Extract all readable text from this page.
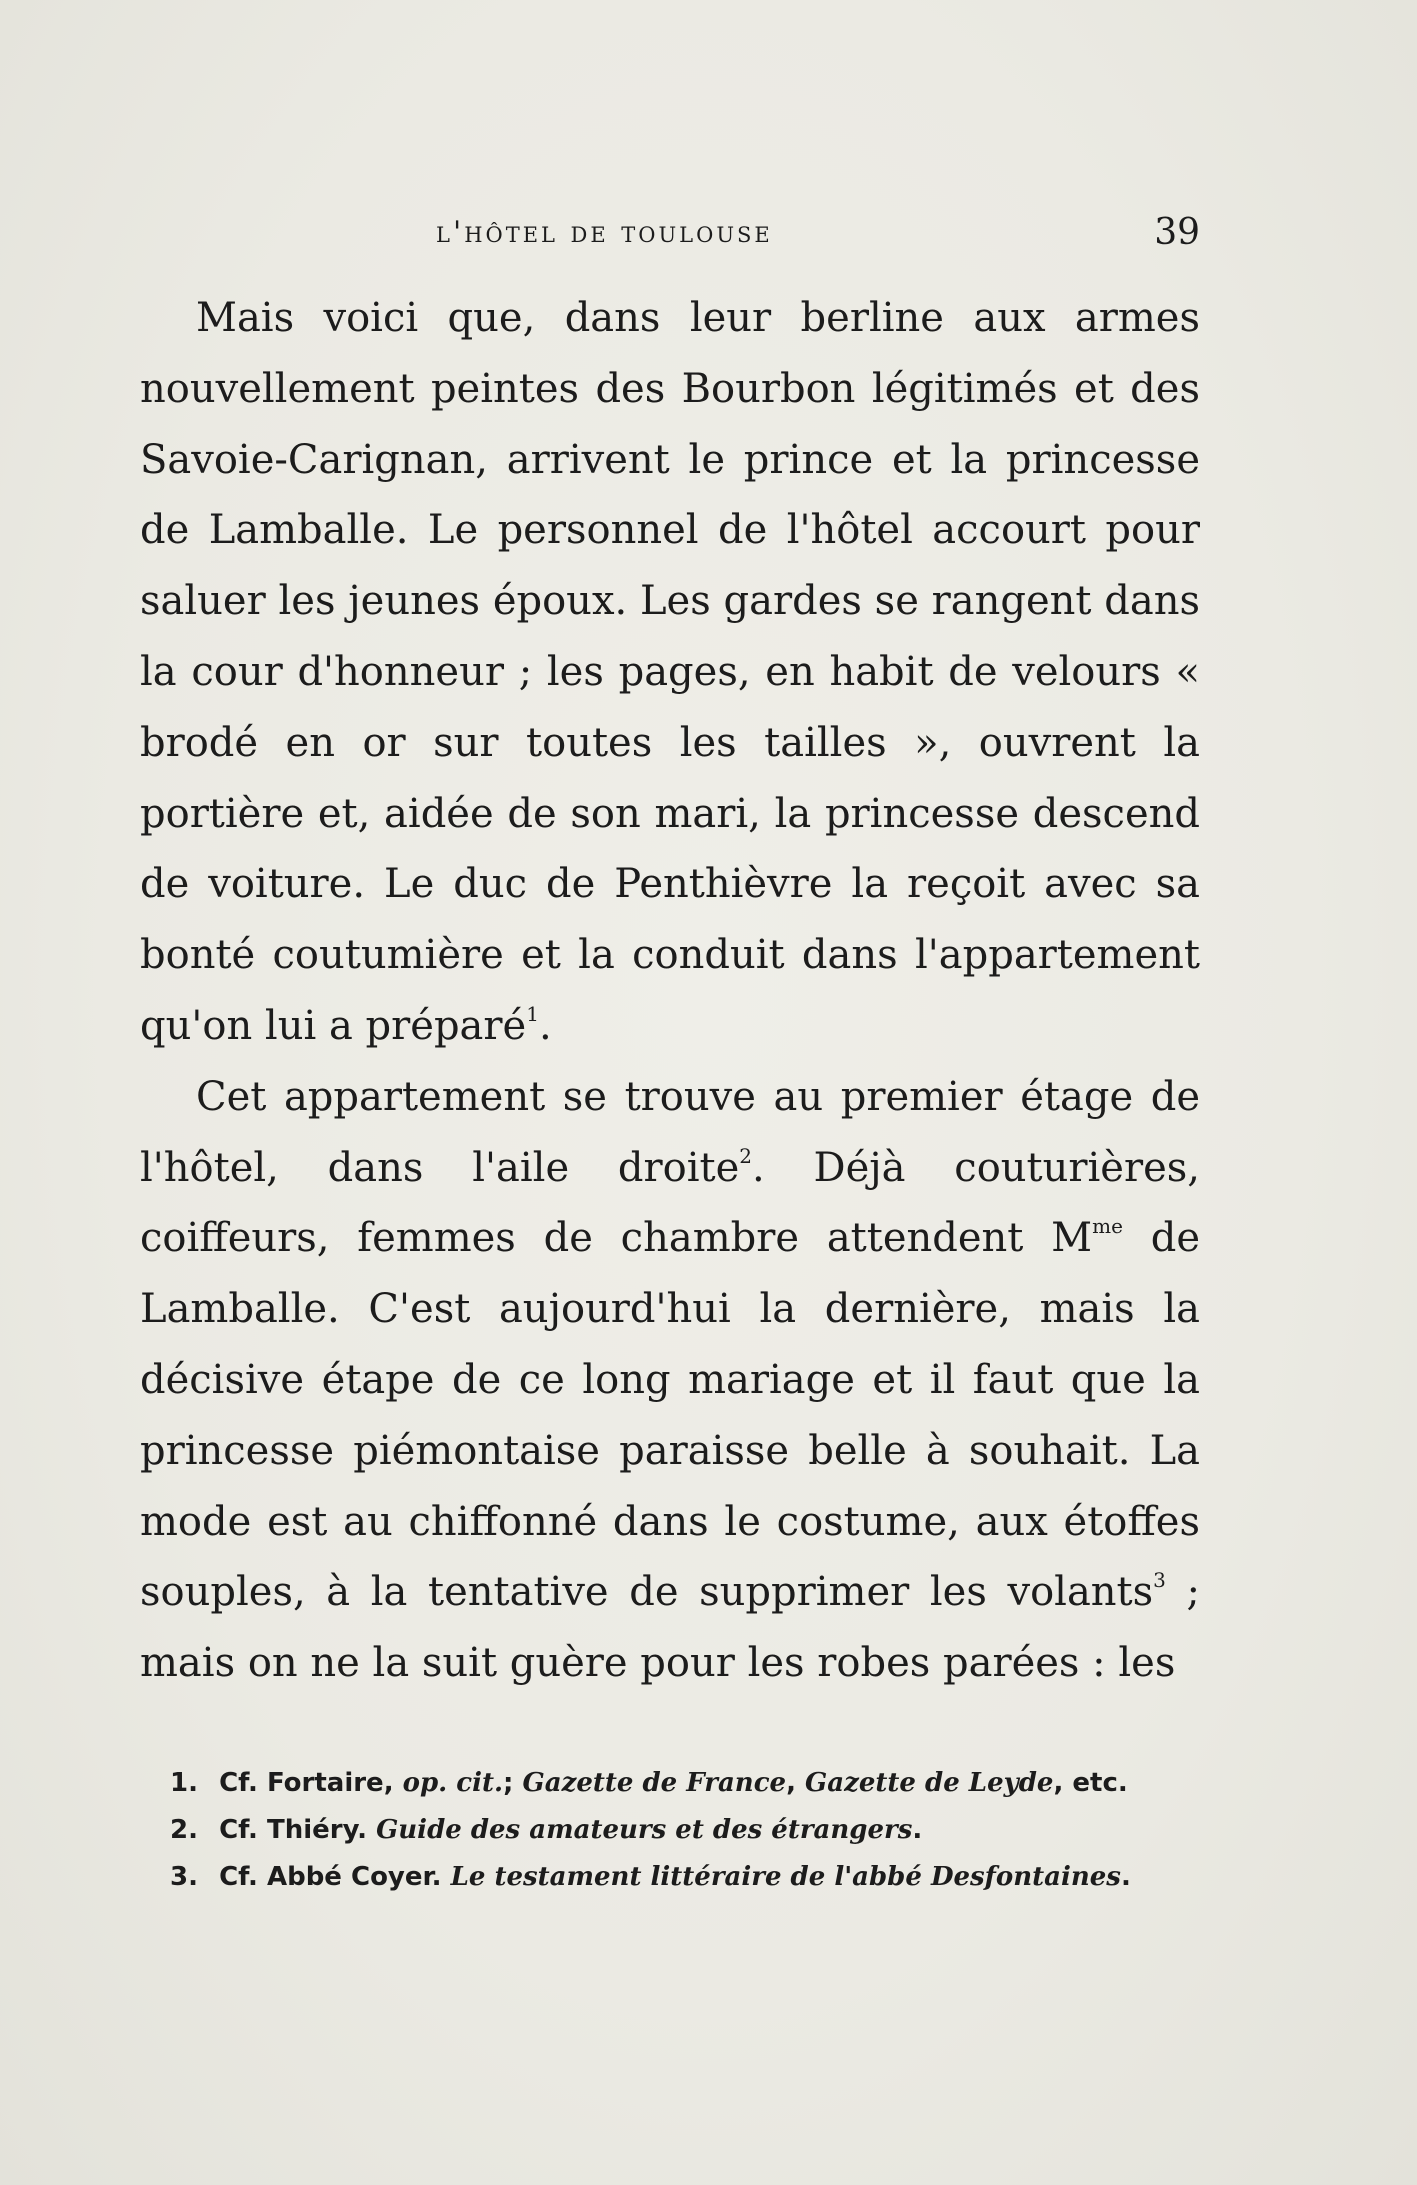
l'hôtel de toulouse	39

Mais voici que, dans leur berline aux armes nouvellement peintes des Bourbon légitimés et des Savoie-Carignan, arrivent le prince et la princesse de Lamballe. Le personnel de l'hôtel accourt pour saluer les jeunes époux. Les gardes se rangent dans la cour d'honneur ; les pages, en habit de velours « brodé en or sur toutes les tailles », ouvrent la portière et, aidée de son mari, la princesse descend de voiture. Le duc de Penthièvre la reçoit avec sa bonté coutumière et la conduit dans l'appartement qu'on lui a préparé$^1$.

Cet appartement se trouve au premier étage de l'hôtel, dans l'aile droite$^2$. Déjà couturières, coiffeurs, femmes de chambre attendent $M^{me}$ de Lamballe. C'est aujourd'hui la dernière, mais la décisive étape de ce long mariage et il faut que la princesse piémontaise paraisse belle à souhait. La mode est au chiffonné dans le costume, aux étoffes souples, à la tentative de supprimer les volants$^3$ ; mais on ne la suit guère pour les robes parées : les

1. Cf. Fortaire, op. cit.; Gazette de France, Gazette de Leyde, etc.
2. Cf. Thiéry. Guide des amateurs et des étrangers.
3. Cf. Abbé Coyer. Le testament littéraire de l'abbé Desfontaines.
